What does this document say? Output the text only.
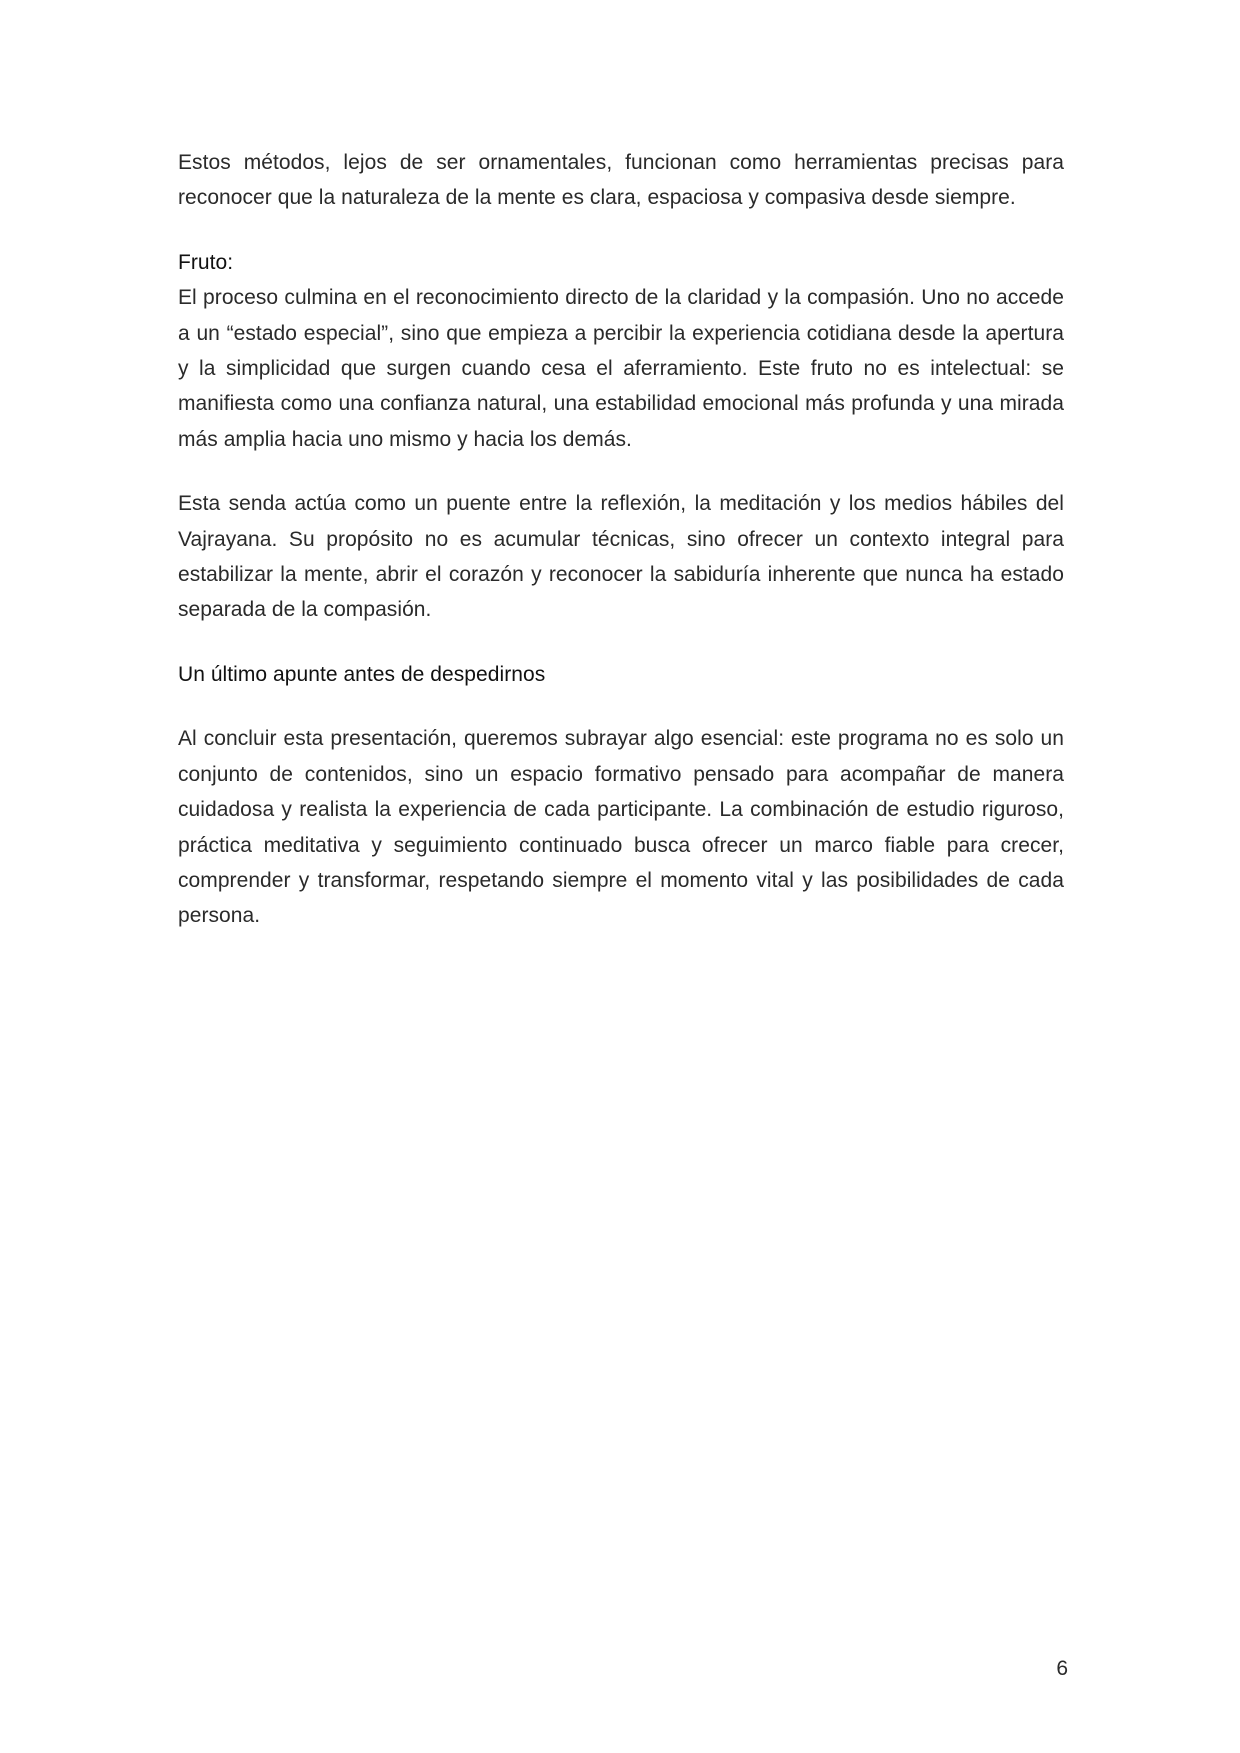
Estos métodos, lejos de ser ornamentales, funcionan como herramientas precisas para reconocer que la naturaleza de la mente es clara, espaciosa y compasiva desde siempre.

Fruto:

El proceso culmina en el reconocimiento directo de la claridad y la compasión. Uno no accede a un “estado especial”, sino que empieza a percibir la experiencia cotidiana desde la apertura y la simplicidad que surgen cuando cesa el aferramiento. Este fruto no es intelectual: se manifiesta como una confianza natural, una estabilidad emocional más profunda y una mirada más amplia hacia uno mismo y hacia los demás.

Esta senda actúa como un puente entre la reflexión, la meditación y los medios hábiles del Vajrayana. Su propósito no es acumular técnicas, sino ofrecer un contexto integral para estabilizar la mente, abrir el corazón y reconocer la sabiduría inherente que nunca ha estado separada de la compasión.

Un último apunte antes de despedirnos

Al concluir esta presentación, queremos subrayar algo esencial: este programa no es solo un conjunto de contenidos, sino un espacio formativo pensado para acompañar de manera cuidadosa y realista la experiencia de cada participante. La combinación de estudio riguroso, práctica meditativa y seguimiento continuado busca ofrecer un marco fiable para crecer, comprender y transformar, respetando siempre el momento vital y las posibilidades de cada persona.

6
